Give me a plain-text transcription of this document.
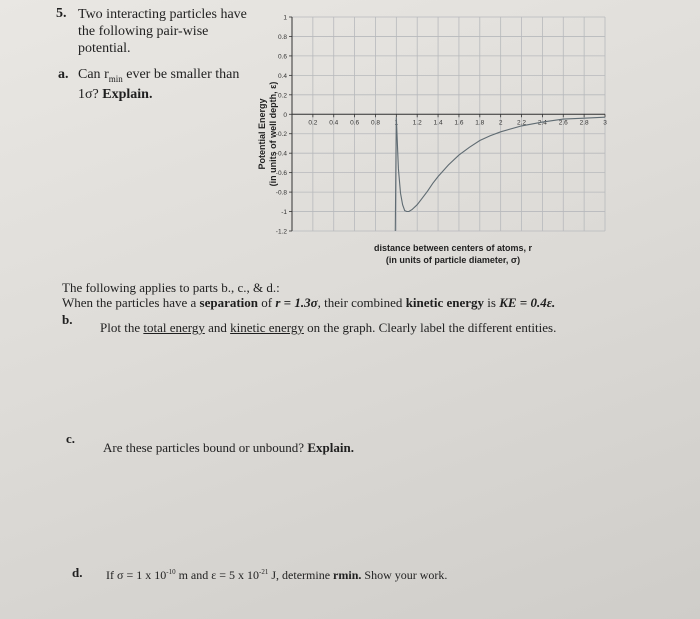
5. Two interacting particles have the following pair-wise potential.
a. Can $r_{min}$ ever be smaller than 1σ? Explain.
1
0.8
0.6
0.4
0.2
0
-0.2
-0.4
-0.6
-0.8
-1
-1.2
0.2 0.4 0.6 0.8 1 1.2 1.4 1.6 1.8 2 2.2 2.4 2.6 2.8 3
Potential Energy (in units of well depth, ε)
distance between centers of atoms, r
(in units of particle diameter, σ)
The following applies to parts b., c., & d.:
When the particles have a separation of r = 1.3σ, their combined kinetic energy is KE = 0.4ε.
b.
Plot the total energy and kinetic energy on the graph. Clearly label the different entities.
c.
Are these particles bound or unbound? Explain.
d. If σ = 1 x $10^{-10}$ m and ε = 5 x $10^{-21}$ J, determine rmin. Show your work.
